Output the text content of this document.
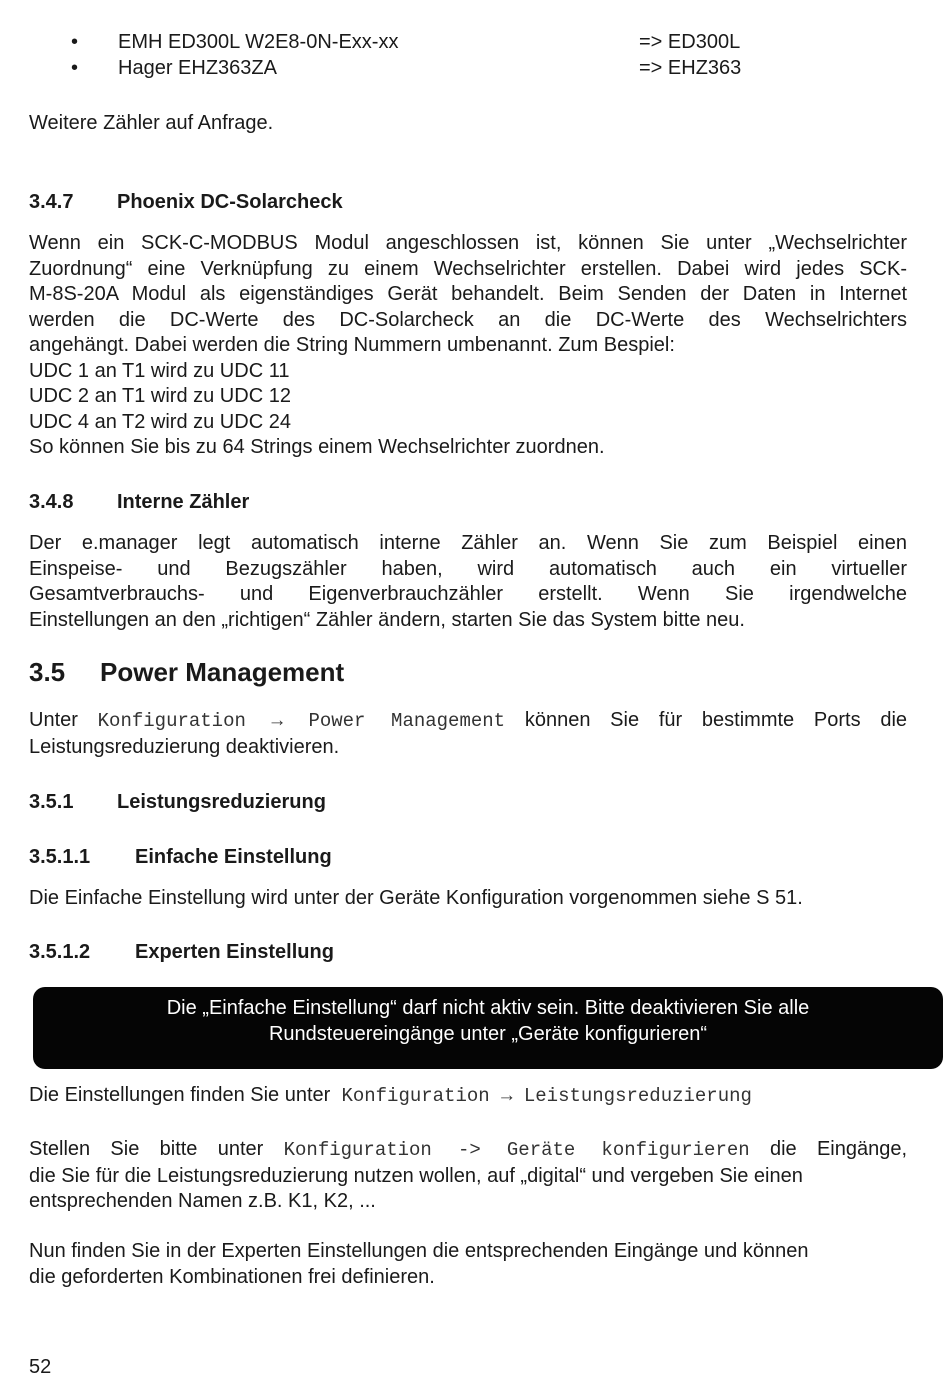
• EMH ED300L W2E8-0N-Exx-xx	=> ED300L
• Hager EHZ363ZA	=> EHZ363
Weitere Zähler auf Anfrage.
3.4.7 Phoenix DC-Solarcheck
Wenn ein SCK-C-MODBUS Modul angeschlossen ist, können Sie unter „Wechselrichter
Zuordnung“ eine Verknüpfung zu einem Wechselrichter erstellen. Dabei wird jedes SCK-
M-8S-20A Modul als eigenständiges Gerät behandelt. Beim Senden der Daten in Internet
werden die DC-Werte des DC-Solarcheck an die DC-Werte des Wechselrichters
angehängt. Dabei werden die String Nummern umbenannt. Zum Bespiel:
UDC 1 an T1 wird zu UDC 11
UDC 2 an T1 wird zu UDC 12
UDC 4 an T2 wird zu UDC 24
So können Sie bis zu 64 Strings einem Wechselrichter zuordnen.
3.4.8 Interne Zähler
Der e.manager legt automatisch interne Zähler an. Wenn Sie zum Beispiel einen
Einspeise- und Bezugszähler haben, wird automatisch auch ein virtueller
Gesamtverbrauchs- und Eigenverbrauchzähler erstellt. Wenn Sie irgendwelche
Einstellungen an den „richtigen“ Zähler ändern, starten Sie das System bitte neu.
3.5 Power Management
Unter Konfiguration → Power Management können Sie für bestimmte Ports die
Leistungsreduzierung deaktivieren.
3.5.1 Leistungsreduzierung
3.5.1.1 Einfache Einstellung
Die Einfache Einstellung wird unter der Geräte Konfiguration vorgenommen siehe S 51.
3.5.1.2 Experten Einstellung
Die Einstellungen finden Sie unter Konfiguration → Leistungsreduzierung
Stellen Sie bitte unter Konfiguration -> Geräte konfigurieren die Eingänge,
die Sie für die Leistungsreduzierung nutzen wollen, auf „digital“ und vergeben Sie einen
entsprechenden Namen z.B. K1, K2, ...
Nun finden Sie in der Experten Einstellungen die entsprechenden Eingänge und können
die geforderten Kombinationen frei definieren.
52
Die „Einfache Einstellung“ darf nicht aktiv sein. Bitte deaktivieren Sie alle
Rundsteuereingänge unter „Geräte konfigurieren“
